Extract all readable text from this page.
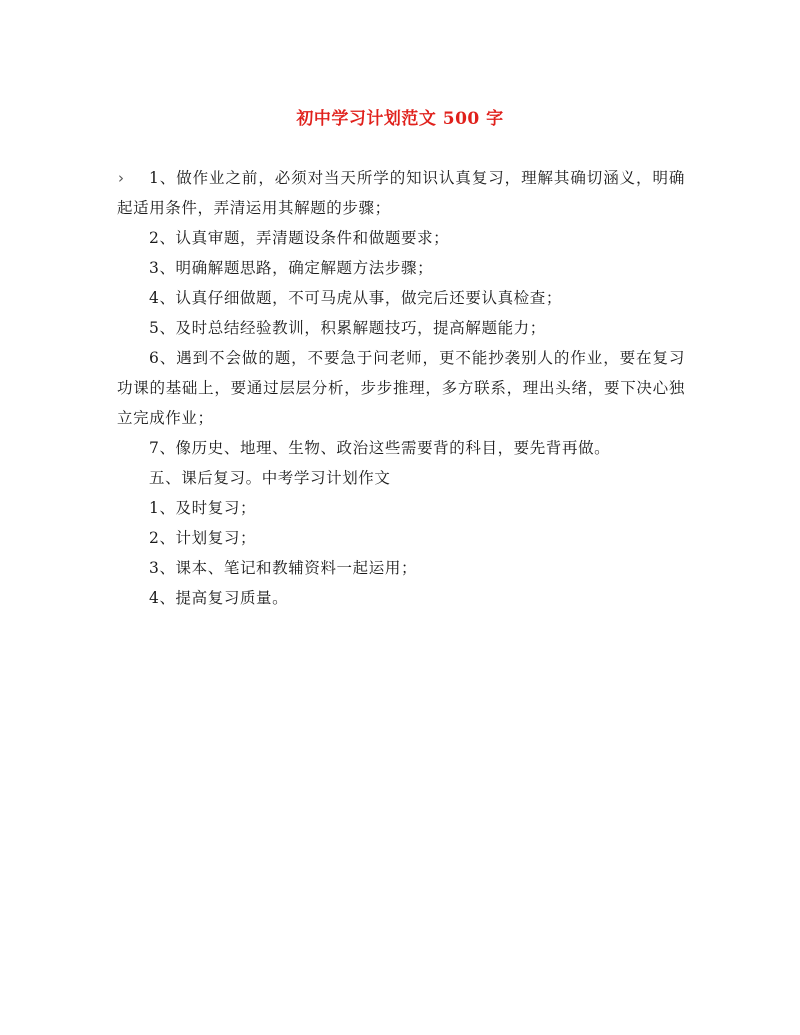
初中学习计划范文 500 字
›	1、做作业之前，必须对当天所学的知识认真复习，理解其确切涵义，明确起适用条件，弄清运用其解题的步骤；

2、认真审题，弄清题设条件和做题要求；

3、明确解题思路，确定解题方法步骤；

4、认真仔细做题，不可马虎从事，做完后还要认真检查；

5、及时总结经验教训，积累解题技巧，提高解题能力；

6、遇到不会做的题，不要急于问老师，更不能抄袭别人的作业，要在复习功课的基础上，要通过层层分析，步步推理，多方联系，理出头绪，要下决心独立完成作业；

7、像历史、地理、生物、政治这些需要背的科目，要先背再做。

五、课后复习。中考学习计划作文

1、及时复习；

2、计划复习；

3、课本、笔记和教辅资料一起运用；

4、提高复习质量。
